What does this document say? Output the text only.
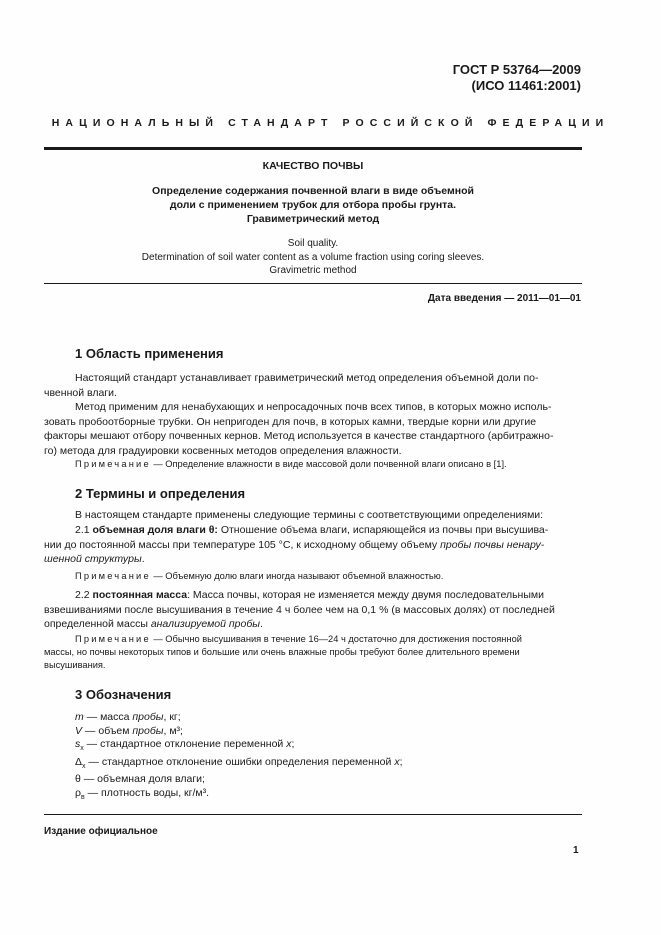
ГОСТ Р 53764—2009
(ИСО 11461:2001)
НАЦИОНАЛЬНЫЙ СТАНДАРТ РОССИЙСКОЙ ФЕДЕРАЦИИ
КАЧЕСТВО ПОЧВЫ
Определение содержания почвенной влаги в виде объемной
доли с применением трубок для отбора пробы грунта.
Гравиметрический метод
Soil quality.
Determination of soil water content as a volume fraction using coring sleeves.
Gravimetric method
Дата введения — 2011—01—01
1 Область применения
Настоящий стандарт устанавливает гравиметрический метод определения объемной доли по-
чвенной влаги.
Метод применим для ненабухающих и непросадочных почв всех типов, в которых можно исполь-
зовать пробоотборные трубки. Он непригоден для почв, в которых камни, твердые корни или другие
факторы мешают отбору почвенных кернов. Метод используется в качестве стандартного (арбитражно-
го) метода для градуировки косвенных методов определения влажности.
Примечание — Определение влажности в виде массовой доли почвенной влаги описано в [1].
2 Термины и определения
В настоящем стандарте применены следующие термины с соответствующими определениями:
2.1 объемная доля влаги θ: Отношение объема влаги, испаряющейся из почвы при высушива-
нии до постоянной массы при температуре 105 °С, к исходному общему объему пробы почвы ненару-
шенной структуры.
Примечание — Объемную долю влаги иногда называют объемной влажностью.
2.2 постоянная масса: Масса почвы, которая не изменяется между двумя последовательными
взвешиваниями после высушивания в течение 4 ч более чем на 0,1 % (в массовых долях) от последней
определенной массы анализируемой пробы.
Примечание — Обычно высушивания в течение 16—24 ч достаточно для достижения постоянной
массы, но почвы некоторых типов и большие или очень влажные пробы требуют более длительного времени
высушивания.
3 Обозначения
m — масса пробы, кг;
V — объем пробы, м³;
$s_x$ — стандартное отклонение переменной x;
$\Delta_x$ — стандартное отклонение ошибки определения переменной x;
θ — объемная доля влаги;
$\rho_в$ — плотность воды, кг/м³.
Издание официальное
1
